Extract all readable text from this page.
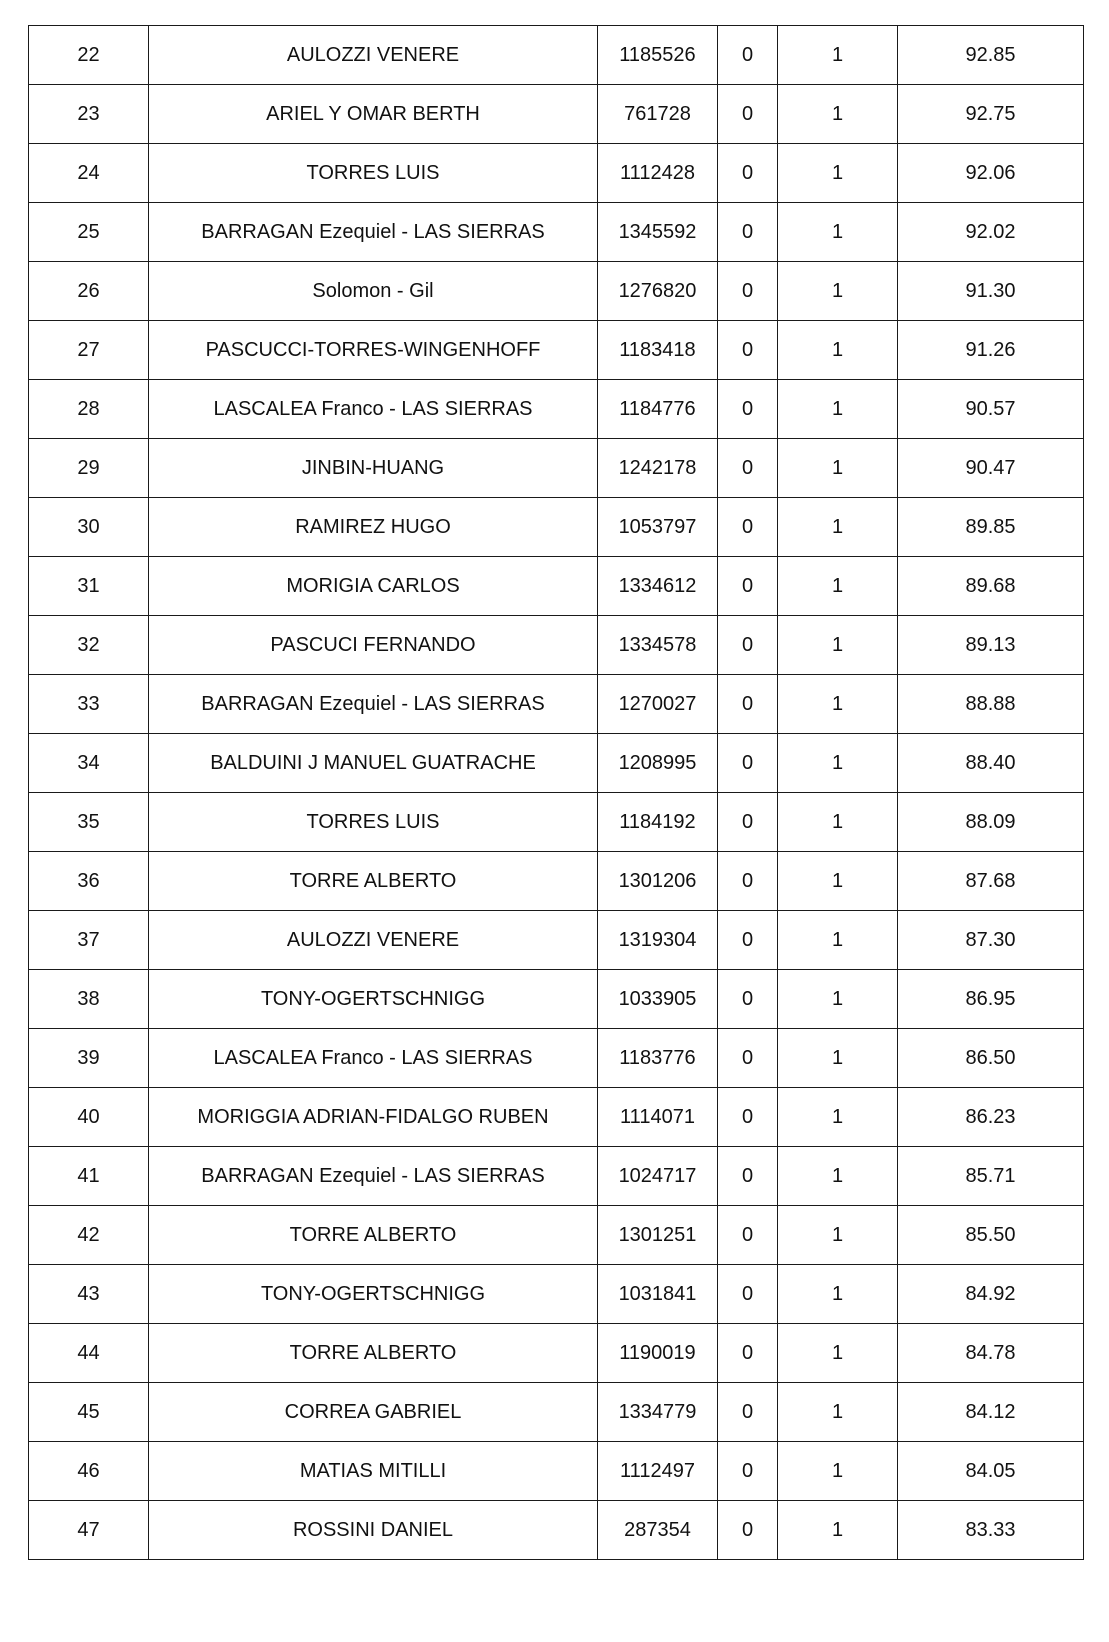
22	AULOZZI VENERE	1185526	0	1	92.85
23	ARIEL Y OMAR BERTH	761728	0	1	92.75
24	TORRES LUIS	1112428	0	1	92.06
25	BARRAGAN Ezequiel - LAS SIERRAS	1345592	0	1	92.02
26	Solomon - Gil	1276820	0	1	91.30
27	PASCUCCI-TORRES-WINGENHOFF	1183418	0	1	91.26
28	LASCALEA Franco - LAS SIERRAS	1184776	0	1	90.57
29	JINBIN-HUANG	1242178	0	1	90.47
30	RAMIREZ HUGO	1053797	0	1	89.85
31	MORIGIA CARLOS	1334612	0	1	89.68
32	PASCUCI FERNANDO	1334578	0	1	89.13
33	BARRAGAN Ezequiel - LAS SIERRAS	1270027	0	1	88.88
34	BALDUINI J MANUEL GUATRACHE	1208995	0	1	88.40
35	TORRES LUIS	1184192	0	1	88.09
36	TORRE ALBERTO	1301206	0	1	87.68
37	AULOZZI VENERE	1319304	0	1	87.30
38	TONY-OGERTSCHNIGG	1033905	0	1	86.95
39	LASCALEA Franco - LAS SIERRAS	1183776	0	1	86.50
40	MORIGGIA ADRIAN-FIDALGO RUBEN	1114071	0	1	86.23
41	BARRAGAN Ezequiel - LAS SIERRAS	1024717	0	1	85.71
42	TORRE ALBERTO	1301251	0	1	85.50
43	TONY-OGERTSCHNIGG	1031841	0	1	84.92
44	TORRE ALBERTO	1190019	0	1	84.78
45	CORREA GABRIEL	1334779	0	1	84.12
46	MATIAS MITILLI	1112497	0	1	84.05
47	ROSSINI DANIEL	287354	0	1	83.33
